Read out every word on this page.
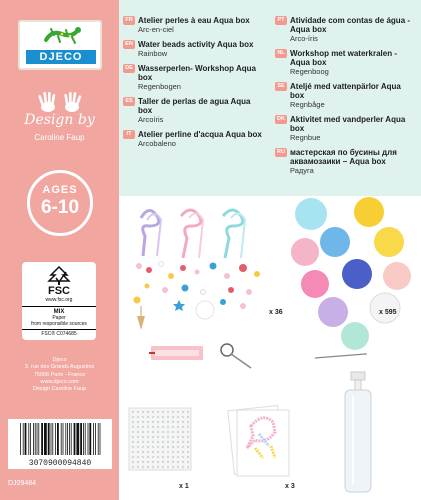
DJECO
Design by
Caroline Faup
AGES
6-10
FSC
www.fsc.org
MIX
Paper
from responsible sources
FSC® C074685
Djeco
3, rue des Grands Augustins
75006 Paris - France
www.djeco.com
Design Caroline Faup
3070900094840
DJ09484
FR Atelier perles à eau Aqua box
Arc-en-ciel
EN Water beads activity Aqua box
Rainbow
DE Wasserperlen- Workshop Aqua box
Regenbogen
ES Taller de perlas de agua Aqua box
Arcoíris
IT Atelier perline d'acqua Aqua box
Arcobaleno
PT Atividade com contas de água - Aqua box
Arco-íris
NL Workshop met waterkralen - Aqua box
Regenboog
SE Ateljé med vattenpärlor Aqua box
Regnbåge
DK Aktivitet med vandperler Aqua box
Regnbue
RU мастерская по бусины для аквамозаики – Aqua box
Радуга
x 36	x 595
x 1	x 3
